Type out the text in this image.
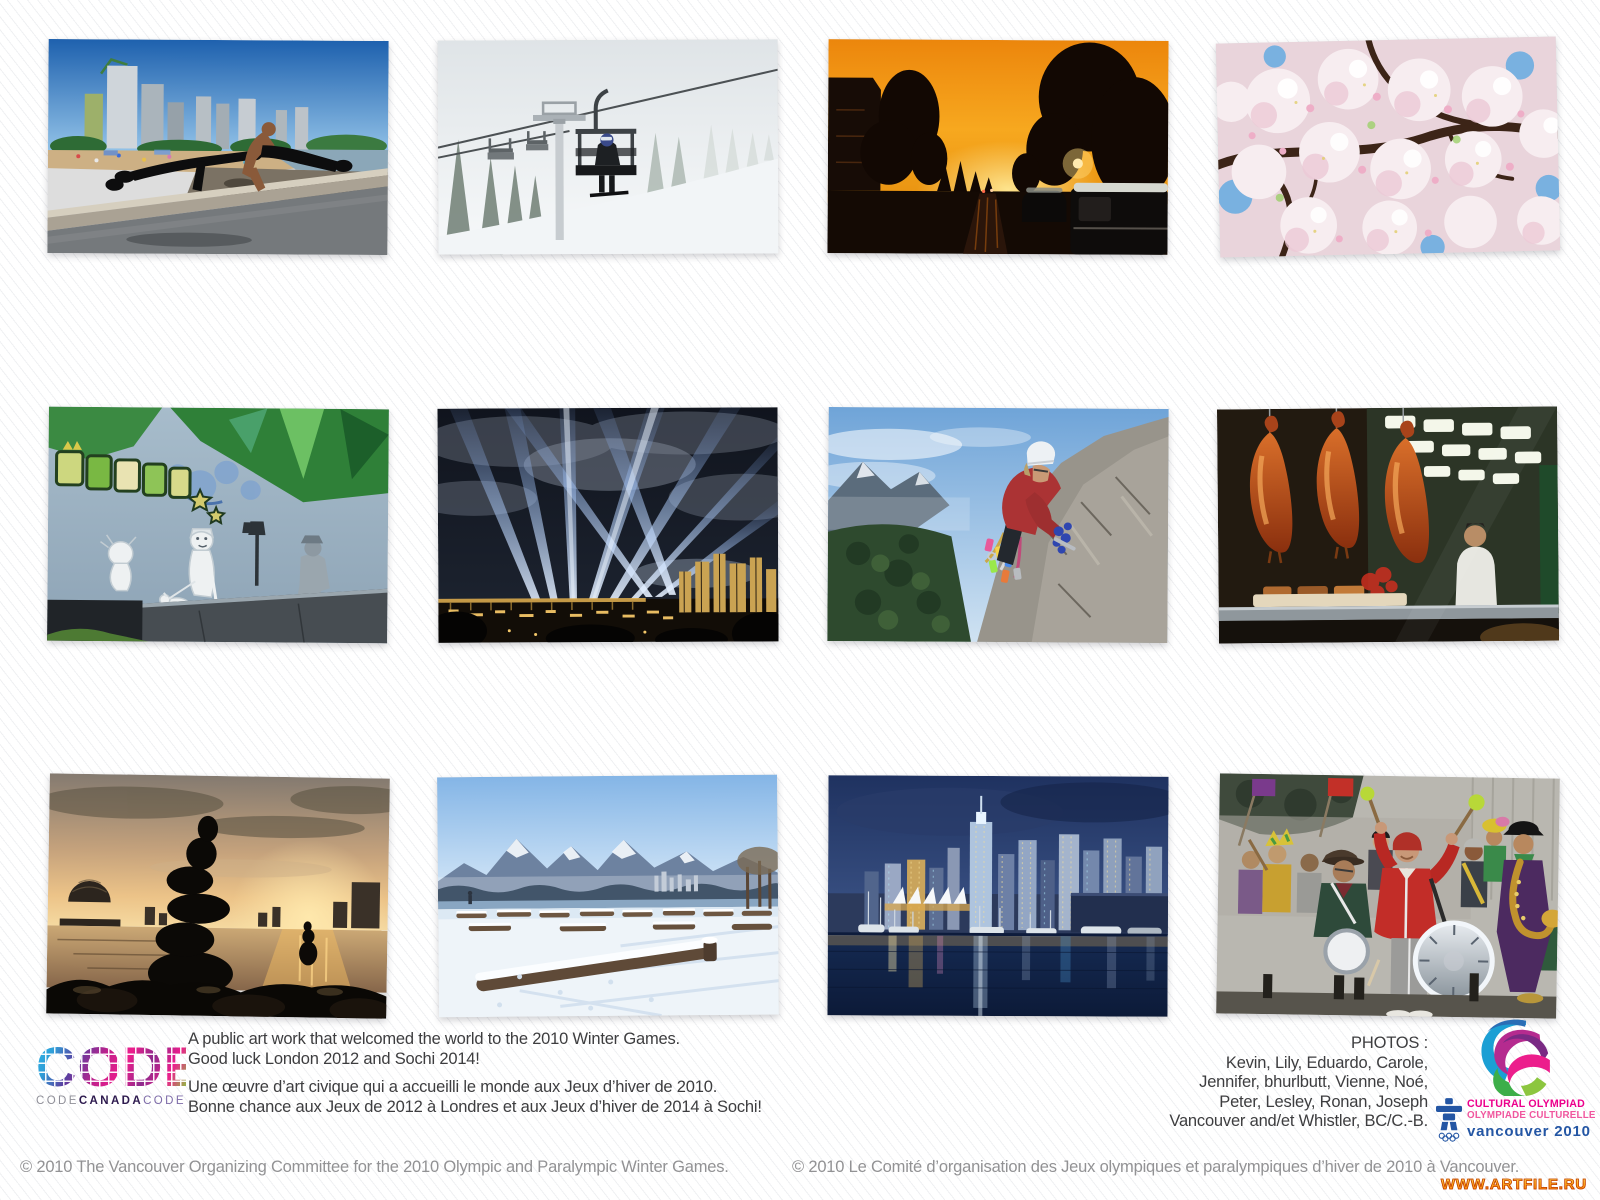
CODE
CODECANADACODE

A public art work that welcomed the world to the 2010 Winter Games.

Good luck London 2012 and Sochi 2014!

Une œuvre d’art civique qui a accueilli le monde aux Jeux d’hiver de 2010.

Bonne chance aux Jeux de 2012 à Londres et aux Jeux d’hiver de 2014 à Sochi!

PHOTOS :

Kevin, Lily, Eduardo, Carole,

Jennifer, bhurlbutt, Vienne, Noé,

Peter, Lesley, Ronan, Joseph

Vancouver and/et Whistler, BC/C.-B.

CULTURAL OLYMPIAD
OLYMPIADE CULTURELLE
vancouver 2010
© 2010 The Vancouver Organizing Committee for the 2010 Olympic and Paralympic Winter Games.	© 2010 Le Comité d’organisation des Jeux olympiques et paralympiques d’hiver de 2010 à Vancouver.
WWW.ARTFILE.RU
